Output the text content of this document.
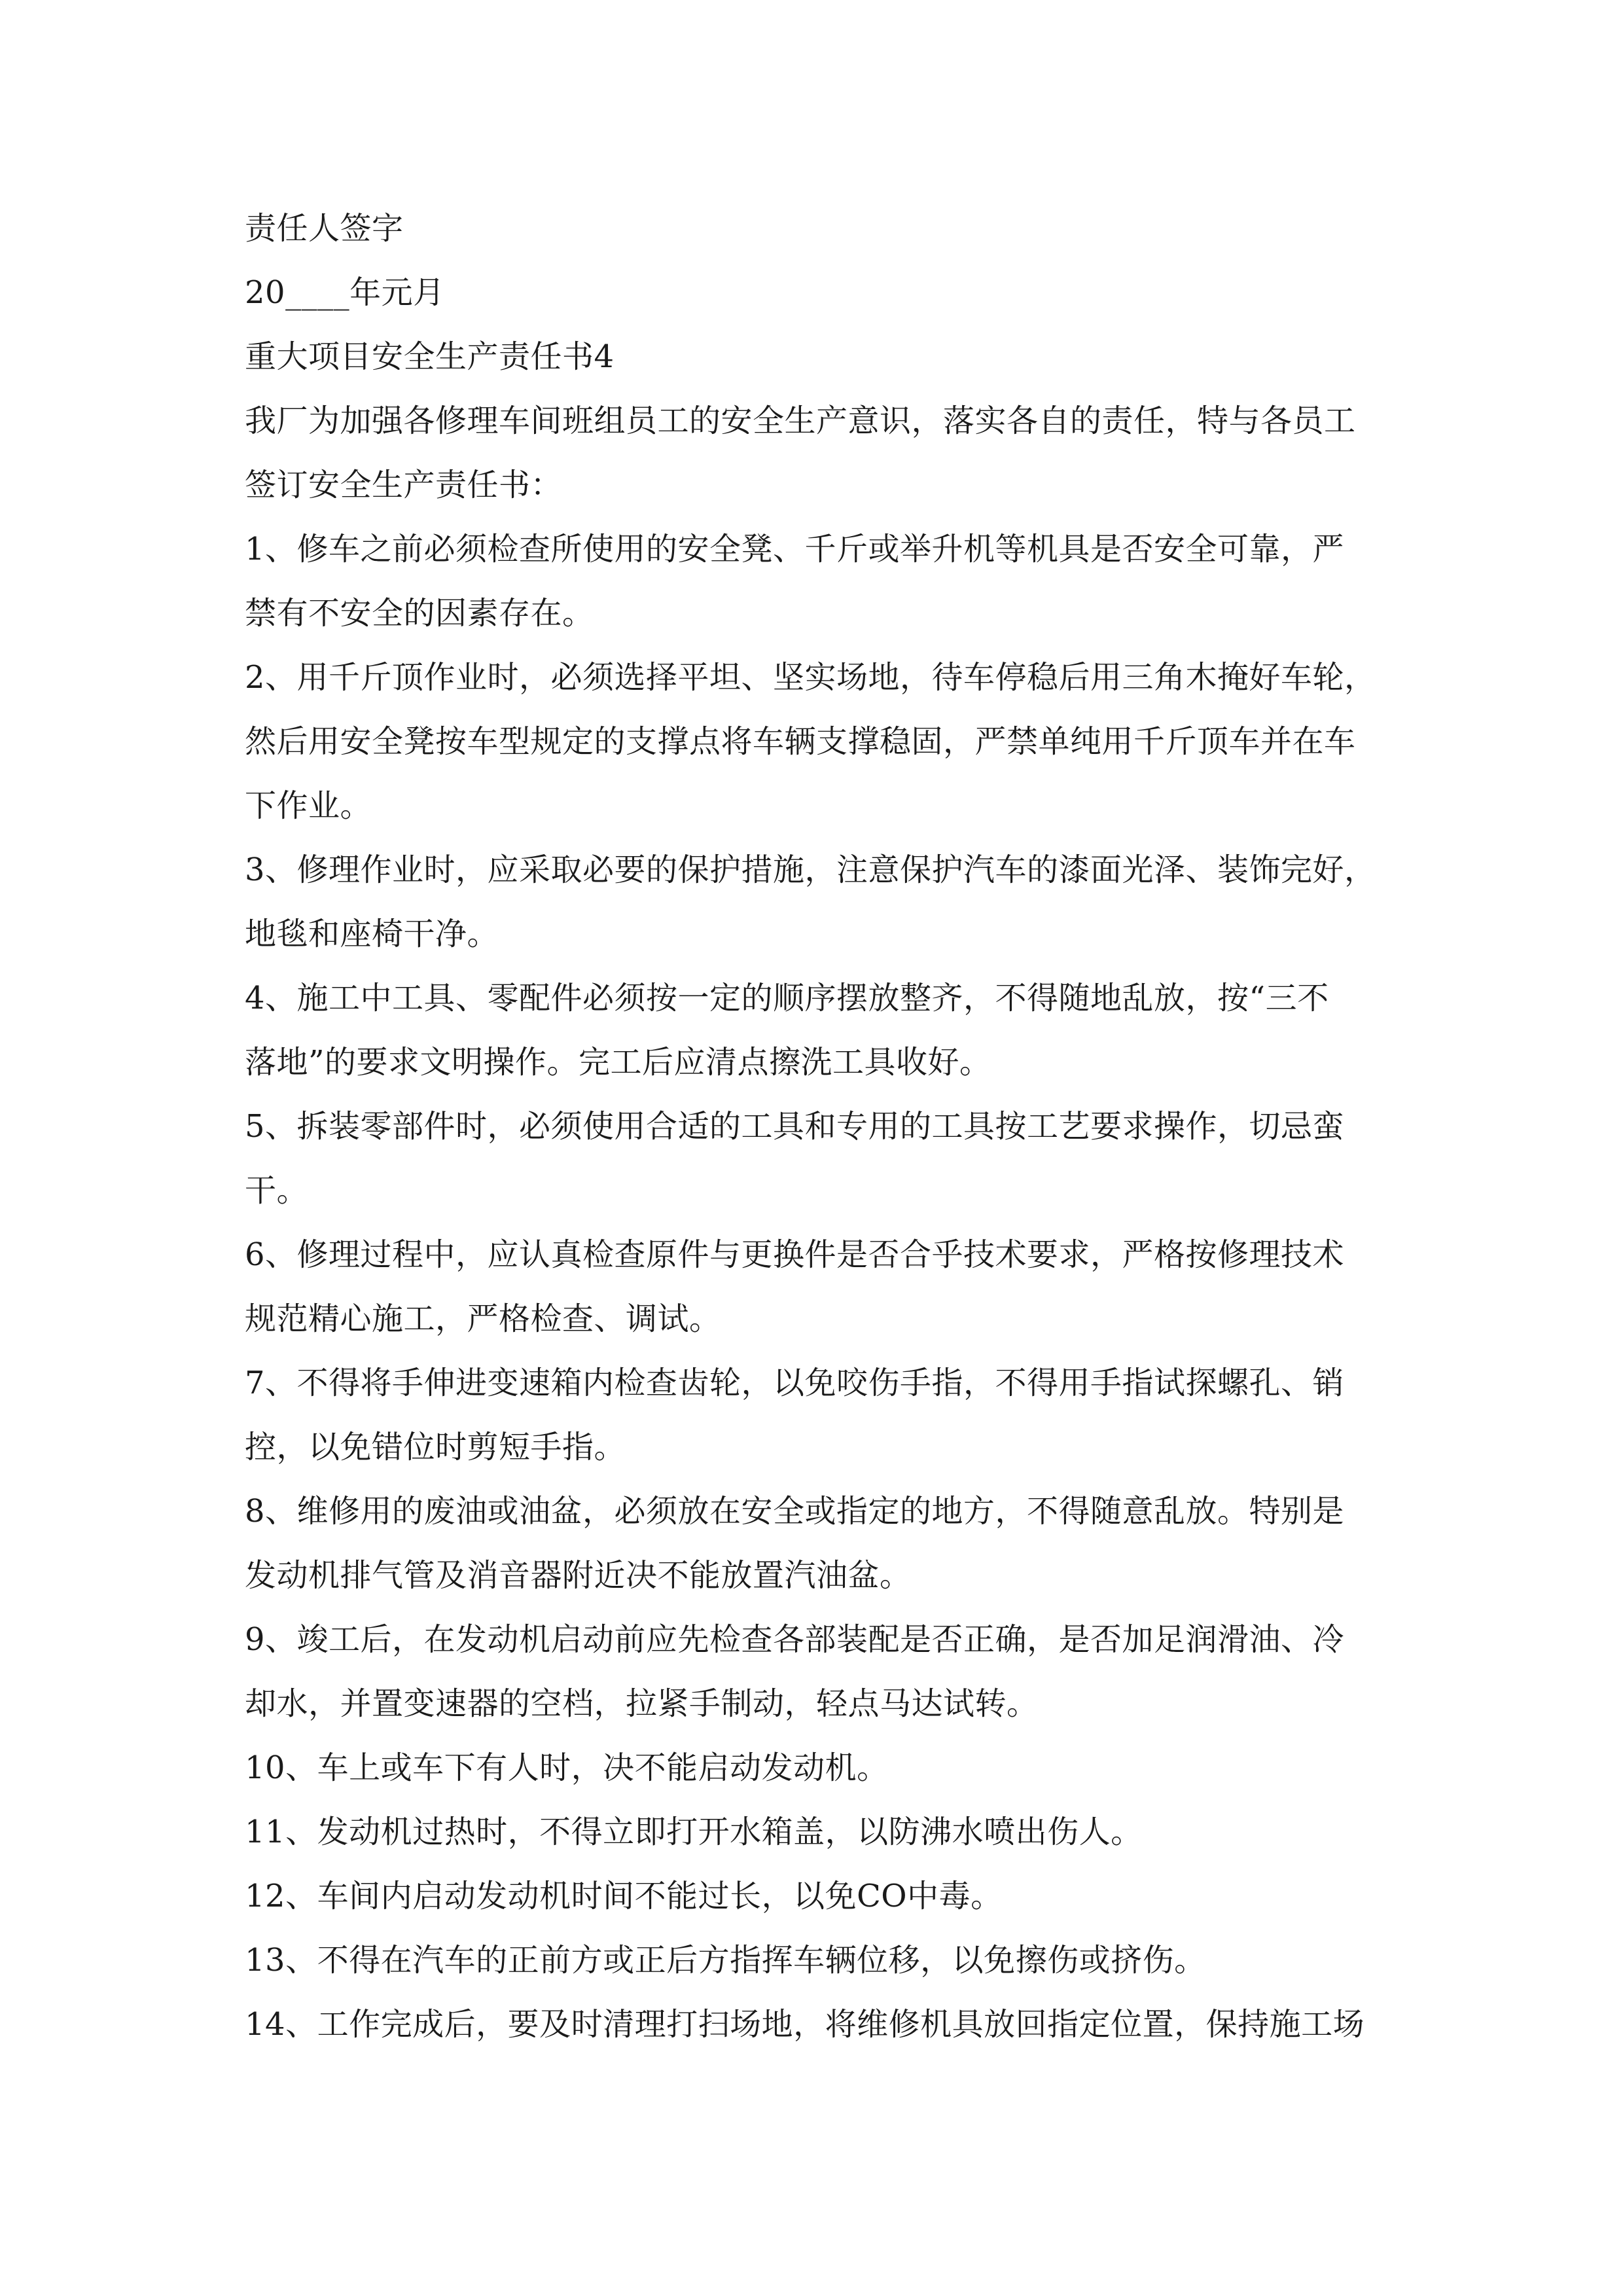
责任人签字
20____年元月
重大项目安全生产责任书4
我厂为加强各修理车间班组员工的安全生产意识，落实各自的责任，特与各员工
签订安全生产责任书：
1、修车之前必须检查所使用的安全凳、千斤或举升机等机具是否安全可靠，严
禁有不安全的因素存在。
2、用千斤顶作业时，必须选择平坦、坚实场地，待车停稳后用三角木掩好车轮，
然后用安全凳按车型规定的支撑点将车辆支撑稳固，严禁单纯用千斤顶车并在车
下作业。
3、修理作业时，应采取必要的保护措施，注意保护汽车的漆面光泽、装饰完好，
地毯和座椅干净。
4、施工中工具、零配件必须按一定的顺序摆放整齐，不得随地乱放，按“三不
落地”的要求文明操作。完工后应清点擦洗工具收好。
5、拆装零部件时，必须使用合适的工具和专用的工具按工艺要求操作，切忌蛮
干。
6、修理过程中，应认真检查原件与更换件是否合乎技术要求，严格按修理技术
规范精心施工，严格检查、调试。
7、不得将手伸进变速箱内检查齿轮，以免咬伤手指，不得用手指试探螺孔、销
控，以免错位时剪短手指。
8、维修用的废油或油盆，必须放在安全或指定的地方，不得随意乱放。特别是
发动机排气管及消音器附近决不能放置汽油盆。
9、竣工后，在发动机启动前应先检查各部装配是否正确，是否加足润滑油、冷
却水，并置变速器的空档，拉紧手制动，轻点马达试转。
10、车上或车下有人时，决不能启动发动机。
11、发动机过热时，不得立即打开水箱盖，以防沸水喷出伤人。
12、车间内启动发动机时间不能过长，以免CO中毒。
13、不得在汽车的正前方或正后方指挥车辆位移，以免擦伤或挤伤。
14、工作完成后，要及时清理打扫场地，将维修机具放回指定位置，保持施工场
